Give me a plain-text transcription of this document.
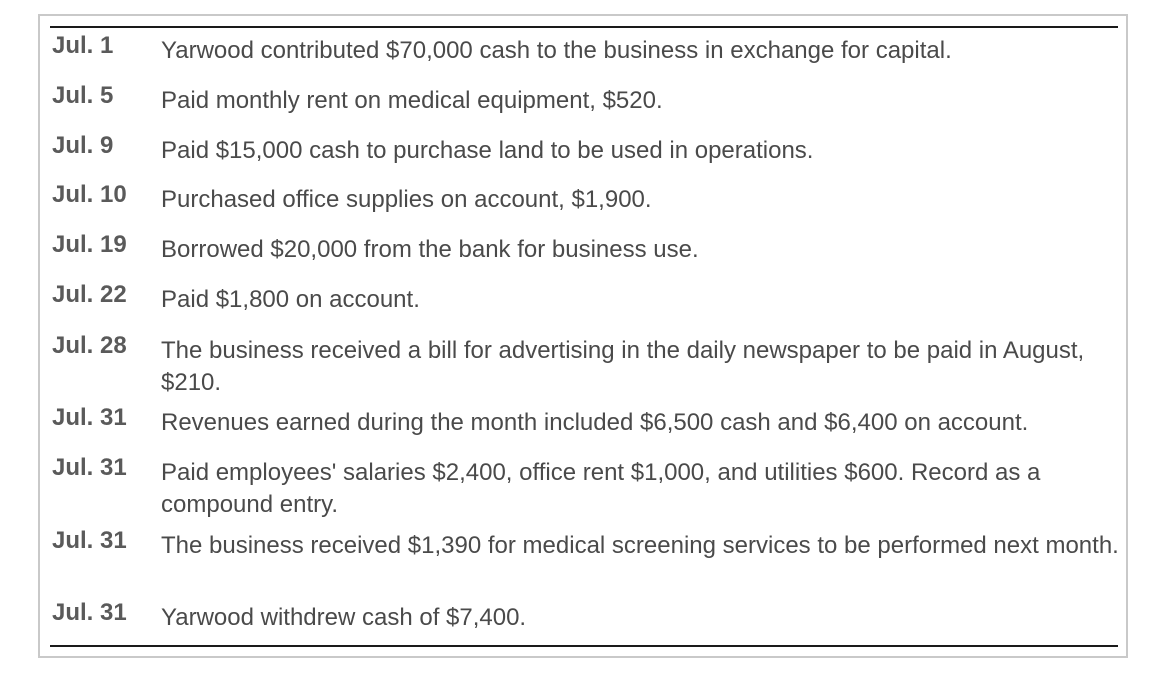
Jul. 1 Yarwood contributed $70,000 cash to the business in exchange for capital.
Jul. 5 Paid monthly rent on medical equipment, $520.
Jul. 9 Paid $15,000 cash to purchase land to be used in operations.
Jul. 10 Purchased office supplies on account, $1,900.
Jul. 19 Borrowed $20,000 from the bank for business use.
Jul. 22 Paid $1,800 on account.
Jul. 28 The business received a bill for advertising in the daily newspaper to be paid in August, $210.
Jul. 31 Revenues earned during the month included $6,500 cash and $6,400 on account.
Jul. 31 Paid employees' salaries $2,400, office rent $1,000, and utilities $600. Record as a compound entry.
Jul. 31 The business received $1,390 for medical screening services to be performed next month.
Jul. 31 Yarwood withdrew cash of $7,400.
